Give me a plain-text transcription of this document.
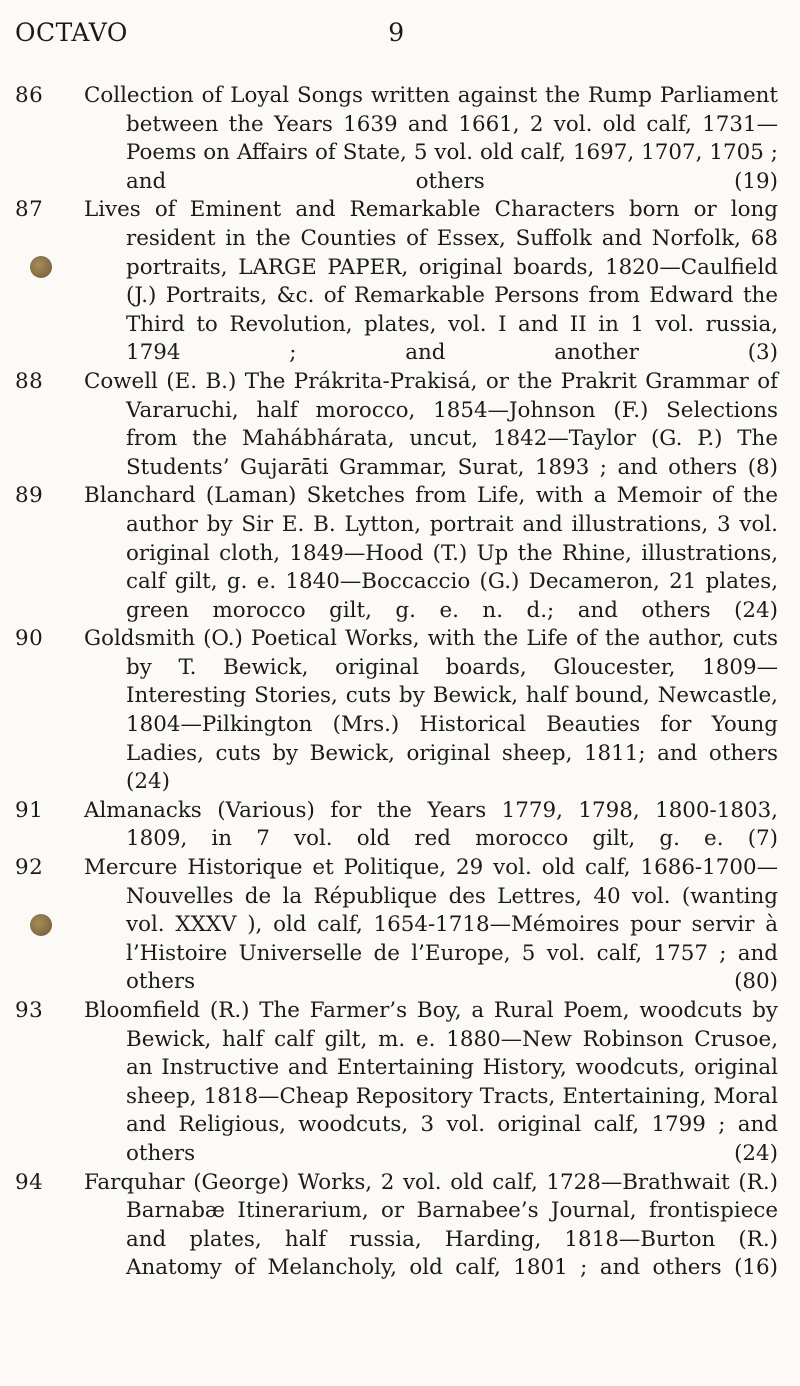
OCTAVO	9
86	Collection of Loyal Songs written against the Rump Parliament between the Years 1639 and 1661, 2 vol. old calf, 1731—Poems on Affairs of State, 5 vol. old calf, 1697, 1707, 1705 ; and others (19)
87	Lives of Eminent and Remarkable Characters born or long resident in the Counties of Essex, Suffolk and Norfolk, 68 portraits, LARGE PAPER, original boards, 1820—Caulfield (J.) Portraits, &c. of Remarkable Persons from Edward the Third to Revolution, plates, vol. I and II in 1 vol. russia, 1794 ; and another (3)
88	Cowell (E. B.) The Prákrita-Prakisá, or the Prakrit Grammar of Vararuchi, half morocco, 1854—Johnson (F.) Selections from the Mahábhárata, uncut, 1842—Taylor (G. P.) The Students’ Gujarāti Grammar, Surat, 1893 ; and others (8)
89	Blanchard (Laman) Sketches from Life, with a Memoir of the author by Sir E. B. Lytton, portrait and illustrations, 3 vol. original cloth, 1849—Hood (T.) Up the Rhine, illustrations, calf gilt, g. e. 1840—Boccaccio (G.) Decameron, 21 plates, green morocco gilt, g. e. n. d.; and others (24)
90	Goldsmith (O.) Poetical Works, with the Life of the author, cuts by T. Bewick, original boards, Gloucester, 1809—Interesting Stories, cuts by Bewick, half bound, Newcastle, 1804—Pilkington (Mrs.) Historical Beauties for Young Ladies, cuts by Bewick, original sheep, 1811; and others (24)
91	Almanacks (Various) for the Years 1779, 1798, 1800-1803, 1809, in 7 vol. old red morocco gilt, g. e. (7)
92	Mercure Historique et Politique, 29 vol. old calf, 1686-1700—Nouvelles de la République des Lettres, 40 vol. (wanting vol. XXXV ), old calf, 1654-1718—Mémoires pour servir à l’Histoire Universelle de l’Europe, 5 vol. calf, 1757 ; and others (80)
93	Bloomfield (R.) The Farmer’s Boy, a Rural Poem, woodcuts by Bewick, half calf gilt, m. e. 1880—New Robinson Crusoe, an Instructive and Entertaining History, woodcuts, original sheep, 1818—Cheap Repository Tracts, Entertaining, Moral and Religious, woodcuts, 3 vol. original calf, 1799 ; and others (24)
94	Farquhar (George) Works, 2 vol. old calf, 1728—Brathwait (R.) Barnabæ Itinerarium, or Barnabee’s Journal, frontispiece and plates, half russia, Harding, 1818—Burton (R.) Anatomy of Melancholy, old calf, 1801 ; and others (16)
